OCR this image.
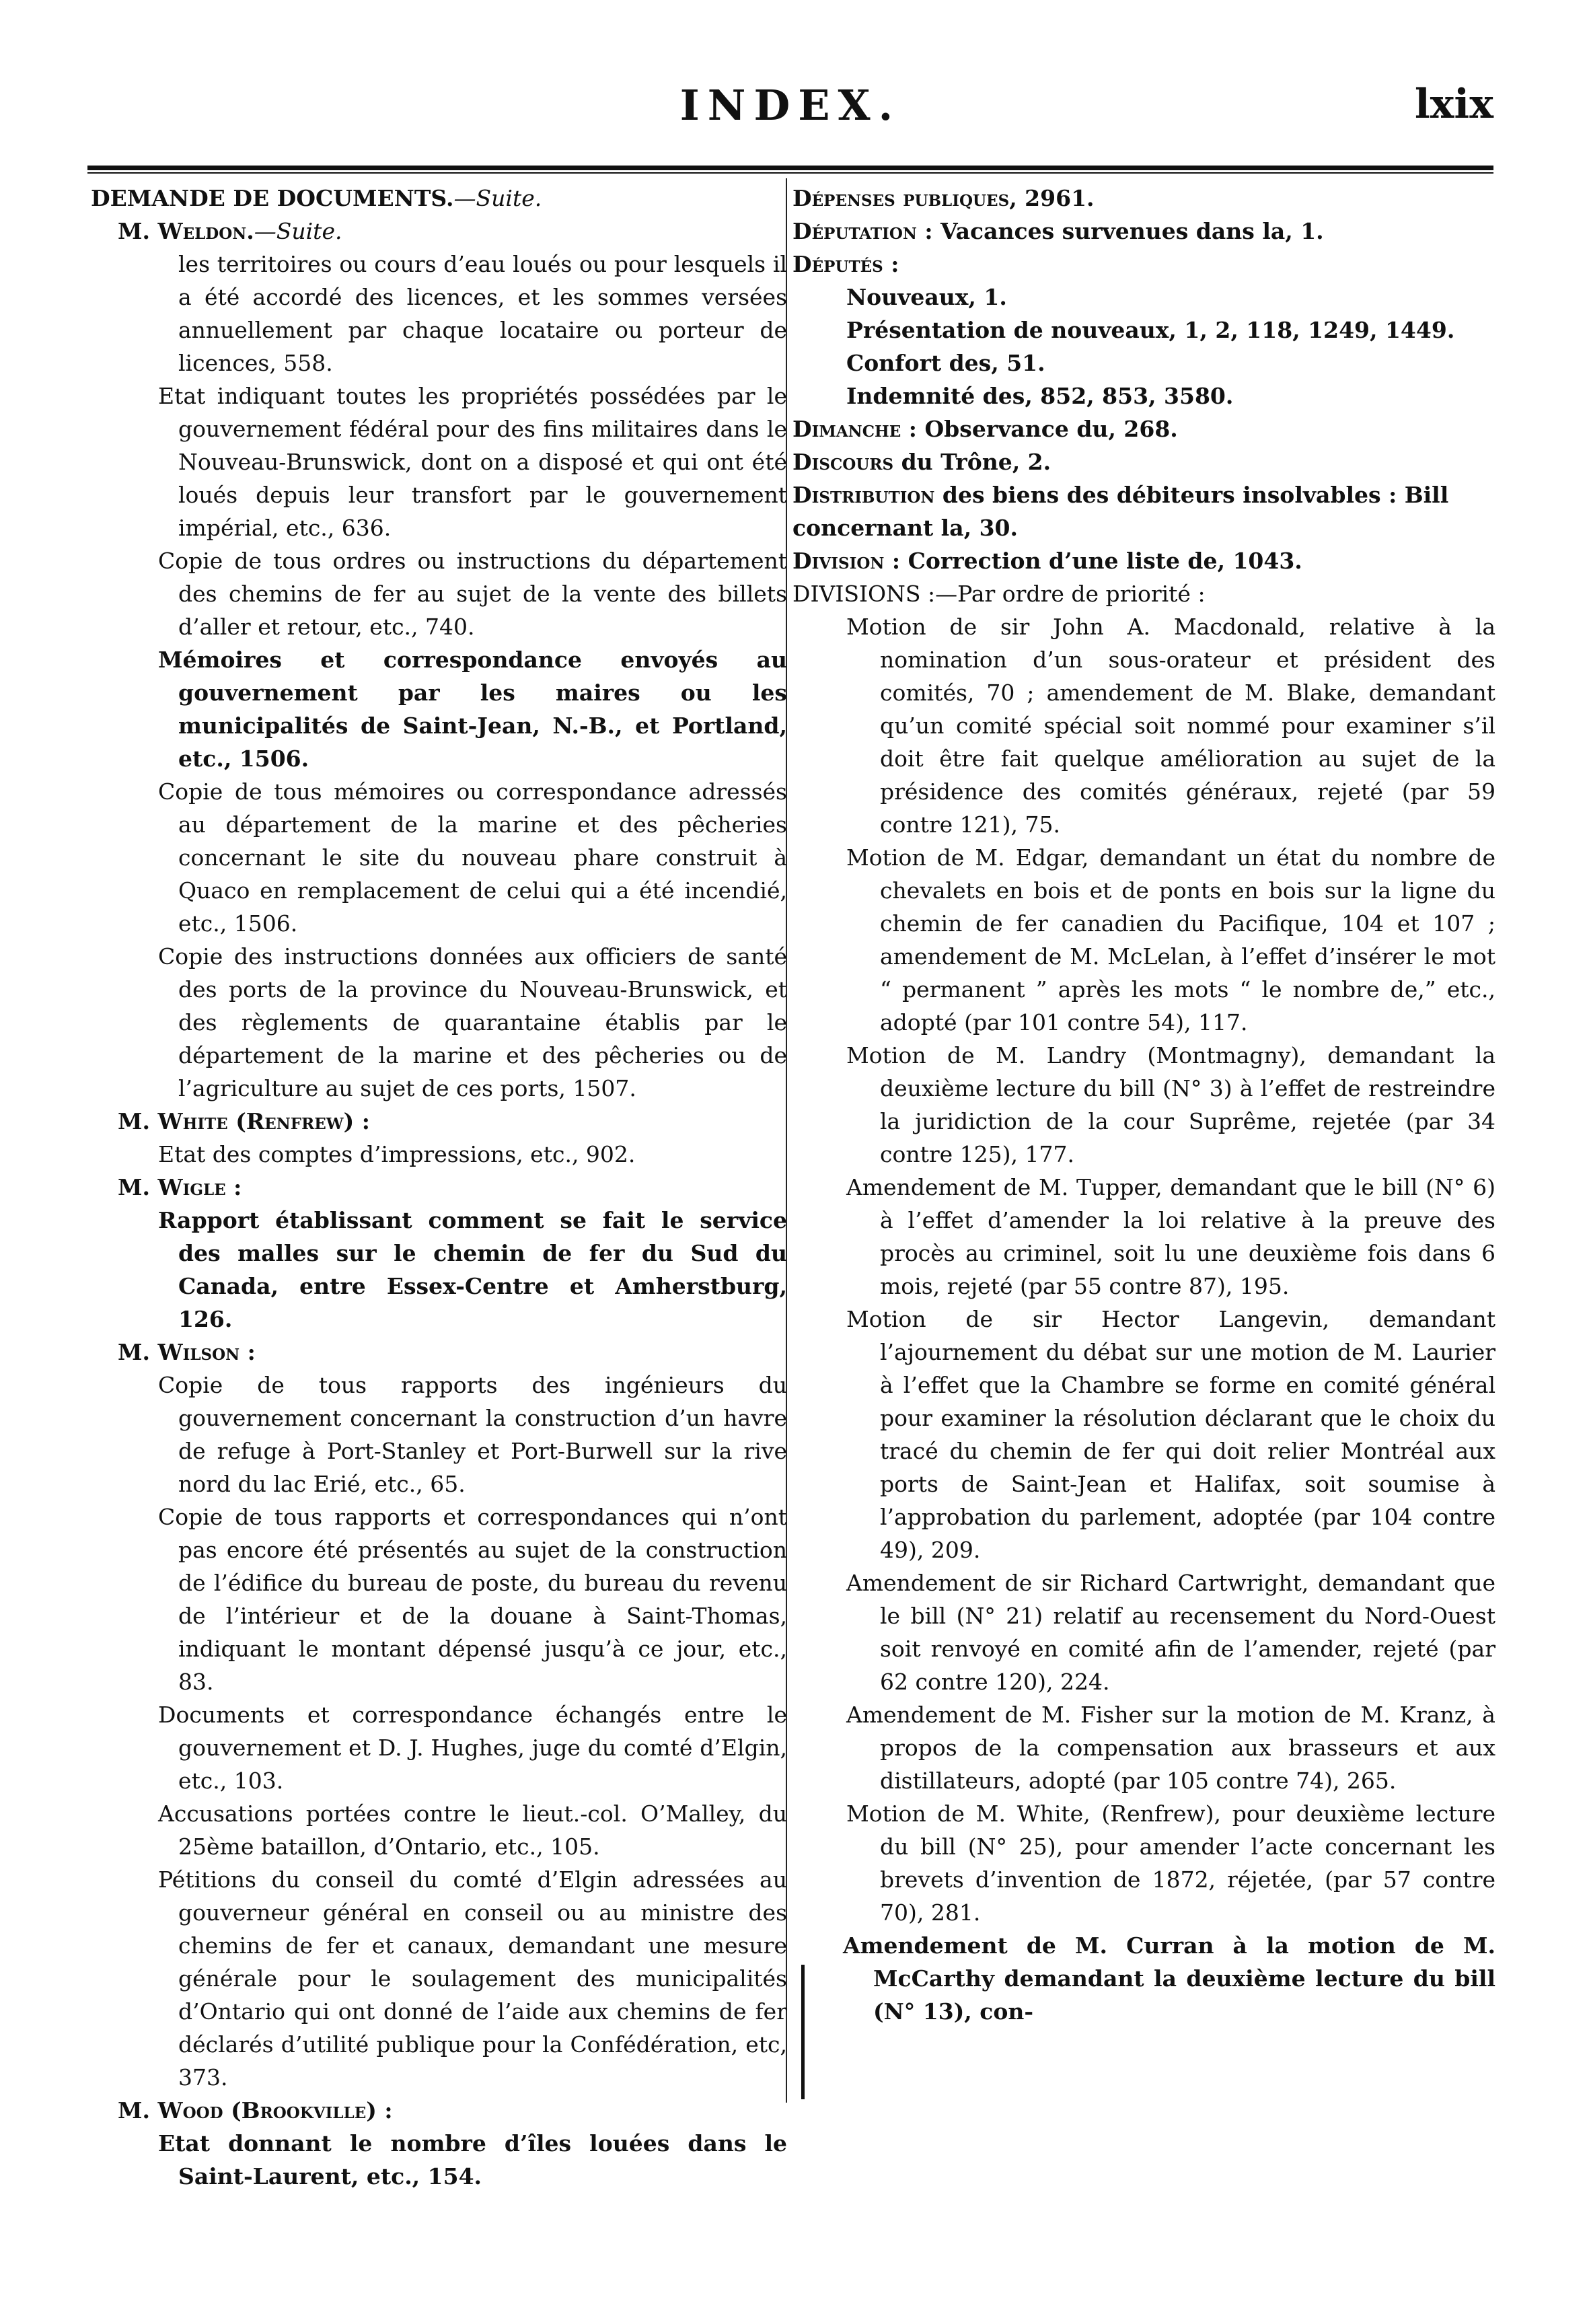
INDEX.	lxix
DEMANDE DE DOCUMENTS.—Suite.
M. Weldon.—Suite.

les territoires ou cours d’eau loués ou pour lesquels il a été accordé des licences, et les sommes versées annuellement par chaque locataire ou porteur de licences, 558.

Etat indiquant toutes les propriétés possédées par le gouvernement fédéral pour des fins militaires dans le Nouveau-Brunswick, dont on a disposé et qui ont été loués depuis leur transfort par le gouvernement impérial, etc., 636.

Copie de tous ordres ou instructions du département des chemins de fer au sujet de la vente des billets d’aller et retour, etc., 740.

Mémoires et correspondance envoyés au gouvernement par les maires ou les municipalités de Saint-Jean, N.-B., et Portland, etc., 1506.

Copie de tous mémoires ou correspondance adressés au département de la marine et des pêcheries concernant le site du nouveau phare construit à Quaco en remplacement de celui qui a été incendié, etc., 1506.

Copie des instructions données aux officiers de santé des ports de la province du Nouveau-Brunswick, et des règlements de quarantaine établis par le département de la marine et des pêcheries ou de l’agriculture au sujet de ces ports, 1507.

M. White (Renfrew) :

Etat des comptes d’impressions, etc., 902.

M. Wigle :

Rapport établissant comment se fait le service des malles sur le chemin de fer du Sud du Canada, entre Essex-Centre et Amherstburg, 126.

M. Wilson :

Copie de tous rapports des ingénieurs du gouvernement concernant la construction d’un havre de refuge à Port-Stanley et Port-Burwell sur la rive nord du lac Erié, etc., 65.

Copie de tous rapports et correspondances qui n’ont pas encore été présentés au sujet de la construction de l’édifice du bureau de poste, du bureau du revenu de l’intérieur et de la douane à Saint-Thomas, indiquant le montant dépensé jusqu’à ce jour, etc., 83.

Documents et correspondance échangés entre le gouvernement et D. J. Hughes, juge du comté d’Elgin, etc., 103.

Accusations portées contre le lieut.-col. O’Malley, du 25ème bataillon, d’Ontario, etc., 105.

Pétitions du conseil du comté d’Elgin adressées au gouverneur général en conseil ou au ministre des chemins de fer et canaux, demandant une mesure générale pour le soulagement des municipalités d’Ontario qui ont donné de l’aide aux chemins de fer déclarés d’utilité publique pour la Confédération, etc, 373.

M. Wood (Brookville) :

Etat donnant le nombre d’îles louées dans le Saint-Laurent, etc., 154.

Dépenses publiques, 2961.

Députation : Vacances survenues dans la, 1.

Députés :

Nouveaux, 1.

Présentation de nouveaux, 1, 2, 118, 1249, 1449.

Confort des, 51.

Indemnité des, 852, 853, 3580.

Dimanche : Observance du, 268.

Discours du Trône, 2.

Distribution des biens des débiteurs insolvables : Bill concernant la, 30.

Division : Correction d’une liste de, 1043.

DIVISIONS :—Par ordre de priorité :

Motion de sir John A. Macdonald, relative à la nomination d’un sous-orateur et président des comités, 70 ; amendement de M. Blake, demandant qu’un comité spécial soit nommé pour examiner s’il doit être fait quelque amélioration au sujet de la présidence des comités généraux, rejeté (par 59 contre 121), 75.

Motion de M. Edgar, demandant un état du nombre de chevalets en bois et de ponts en bois sur la ligne du chemin de fer canadien du Pacifique, 104 et 107 ; amendement de M. McLelan, à l’effet d’insérer le mot “ permanent ” après les mots “ le nombre de,” etc., adopté (par 101 contre 54), 117.

Motion de M. Landry (Montmagny), demandant la deuxième lecture du bill (N° 3) à l’effet de restreindre la juridiction de la cour Suprême, rejetée (par 34 contre 125), 177.

Amendement de M. Tupper, demandant que le bill (N° 6) à l’effet d’amender la loi relative à la preuve des procès au criminel, soit lu une deuxième fois dans 6 mois, rejeté (par 55 contre 87), 195.

Motion de sir Hector Langevin, demandant l’ajournement du débat sur une motion de M. Laurier à l’effet que la Chambre se forme en comité général pour examiner la résolution déclarant que le choix du tracé du chemin de fer qui doit relier Montréal aux ports de Saint-Jean et Halifax, soit soumise à l’approbation du parlement, adoptée (par 104 contre 49), 209.

Amendement de sir Richard Cartwright, demandant que le bill (N° 21) relatif au recensement du Nord-Ouest soit renvoyé en comité afin de l’amender, rejeté (par 62 contre 120), 224.

Amendement de M. Fisher sur la motion de M. Kranz, à propos de la compensation aux brasseurs et aux distillateurs, adopté (par 105 contre 74), 265.

Motion de M. White, (Renfrew), pour deuxième lecture du bill (N° 25), pour amender l’acte concernant les brevets d’invention de 1872, réjetée, (par 57 contre 70), 281.

Amendement de M. Curran à la motion de M. McCarthy demandant la deuxième lecture du bill (N° 13), con-
